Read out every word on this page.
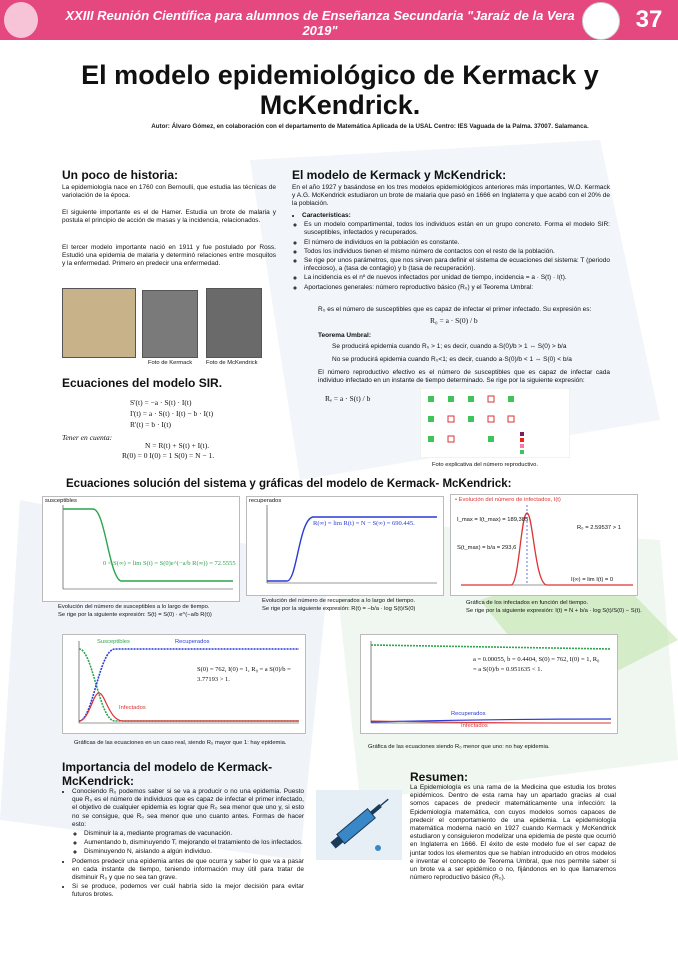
XXIII Reunión Científica para alumnos de Enseñanza Secundaria "Jaraíz de la Vera 2019"	37
El modelo epidemiológico de Kermack y McKendrick.
Autor: Álvaro Gómez, en colaboración con el departamento de Matemática Aplicada de la USAL Centro: IES Vaguada de la Palma. 37007. Salamanca.
Un poco de historia:
La epidemiología nace en 1760 con Bernoulli, que estudia las técnicas de variolación de la época.
El siguiente importante es el de Hamer. Estudia un brote de malaria y postula el principio de acción de masas y la incidencia, relacionados.
El tercer modelo importante nació en 1911 y fue postulado por Ross. Estudió una epidemia de malaria y determinó relaciones entre mosquitos y la enfermedad. Primero en predecir una enfermedad.
Foto de Kermack Foto de McKendrick
Ecuaciones del modelo SIR.
S'(t) = −a · S(t) · I(t)
I'(t) = a · S(t) · I(t) − b · I(t)
R'(t) = b · I(t)
Tener en cuenta:
N = R(t) + S(t) + I(t).
R(0) = 0 I(0) = 1 S(0) = N − 1.
El modelo de Kermack y McKendrick:
En el año 1927 y basándose en los tres modelos epidemiológicos anteriores más importantes, W.O. Kermack y A.G. McKendrick estudiaron un brote de malaria que pasó en 1666 en Inglaterra y que acabó con el 20% de la población.
• Características:
◦ Es un modelo compartimental, todos los individuos están en un grupo concreto. Forma el modelo SIR: susceptibles, infectados y recuperados.
◦ El número de individuos en la población es constante.
◦ Todos los individuos tienen el mismo número de contactos con el resto de la población.
◦ Se rige por unos parámetros, que nos sirven para definir el sistema de ecuaciones del sistema: T (periodo infeccioso), a (tasa de contagio) y b (tasa de recuperación).
◦ La incidencia es el nº de nuevos infectados por unidad de tiempo, incidencia = a · S(t) · I(t).
◦ Aportaciones generales: número reproductivo básico (R₀) y el Teorema Umbral:
R₀ es el número de susceptibles que es capaz de infectar el primer infectado. Su expresión es:
R₀ = a · S(0) / b
Teorema Umbral:
Se producirá epidemia cuando R₀ > 1; es decir, cuando a·S(0)/b > 1 ⇔ S(0) > b/a
No se producirá epidemia cuando R₀<1; es decir, cuando a·S(0)/b < 1 ⇔ S(0) < b/a
El número reproductivo efectivo es el número de susceptibles que es capaz de infectar cada individuo infectado en un instante de tiempo determinado. Se rige por la siguiente expresión:
Rₑ = a · S(t) / b
Foto explicativa del número reproductivo.
Ecuaciones solución del sistema y gráficas del modelo de Kermack- McKendrick:
susceptibles
0 < S(∞) = lim S(t) = S(0)e^(−a/b R(∞)) = 72.5555
Evolución del número de susceptibles a lo largo de tiempo.
Se rige por la siguiente expresión: S(t) = S(0) · e^(−a/b R(t))
recuperados
R(∞) = lim R(t) = N − S(∞) = 690.445.
Evolución del número de recuperados a lo largo del tiempo.
Se rige por la siguiente expresión: R(t) = −b/a · log S(t)/S(0)
• Evolución del número de infectados, I(t)
I_max = I(t_max) = 189,385
S(t_max) = b/a = 293,6
R₀ = 2.59537 > 1
I(∞) = lim I(t) = 0
Gráfica de los infectados en función del tiempo.
Se rige por la siguiente expresión: I(t) = N + b/a · log S(t)/S(0) − S(t).
Susceptibles	Recuperados
Infectados
S(0) = 762, I(0) = 1, R₀ = a S(0)/b = 3.77193 > 1.
Gráficas de las ecuaciones en un caso real, siendo R₀ mayor que 1: hay epidemia.
a = 0.00055, b = 0.4404, S(0) = 762, I(0) = 1, R₀ = a S(0)/b = 0.951635 < 1.
Recuperados
Infectados
Gráfica de las ecuaciones siendo R₀ menor que uno: no hay epidemia.
Importancia del modelo de Kermack-McKendrick:
• Conociendo R₀ podemos saber si se va a producir o no una epidemia. Puesto que R₀ es el número de individuos que es capaz de infectar el primer infectado, el objetivo de cualquier epidemia es lograr que R₀ sea menor que uno y, si esto no se consigue, que R₀ sea menor que uno cuanto antes. Formas de hacer esto:
◦ Disminuir la a, mediante programas de vacunación.
◦ Aumentando b, disminuyendo T, mejorando el tratamiento de los infectados.
◦ Disminuyendo N, aislando a algún individuo.
• Podemos predecir una epidemia antes de que ocurra y saber lo que va a pasar en cada instante de tiempo, teniendo información muy útil para tratar de disminuir R₀ y que no sea tan grave.
• Si se produce, podemos ver cuál habría sido la mejor decisión para evitar futuros brotes.
Resumen:
La Epidemiología es una rama de la Medicina que estudia los brotes epidémicos. Dentro de esta rama hay un apartado gracias al cual somos capaces de predecir matemáticamente una infección: la Epidemiología matemática, con cuyos modelos somos capaces de predecir el comportamiento de una epidemia. La epidemiología matemática moderna nació en 1927 cuando Kermack y McKendrick estudiaron y consiguieron modelizar una epidemia de peste que ocurrió en Inglaterra en 1666. El éxito de este modelo fue el ser capaz de juntar todos los elementos que se habían introducido en otros modelos e inventar el concepto de Teorema Umbral, que nos permite saber si un brote va a ser epidémico o no, fijándonos en lo que llamaremos número reproductivo básico (R₀).
